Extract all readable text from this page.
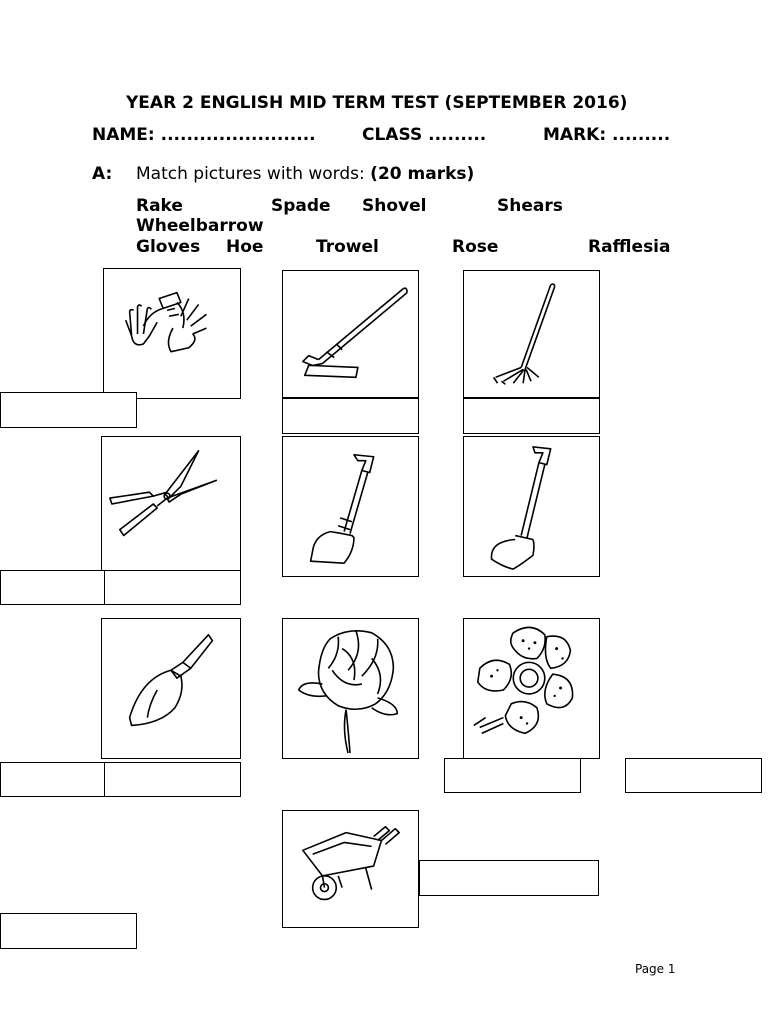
YEAR 2 ENGLISH MID TERM TEST (SEPTEMBER 2016)
NAME: ........................	CLASS .........	MARK: .........
A: Match pictures with words: (20 marks)
Rake	Spade Shovel	Shears
Wheelbarrow
Gloves Hoe	Trowel	Rose	Rafflesia
Page 1
